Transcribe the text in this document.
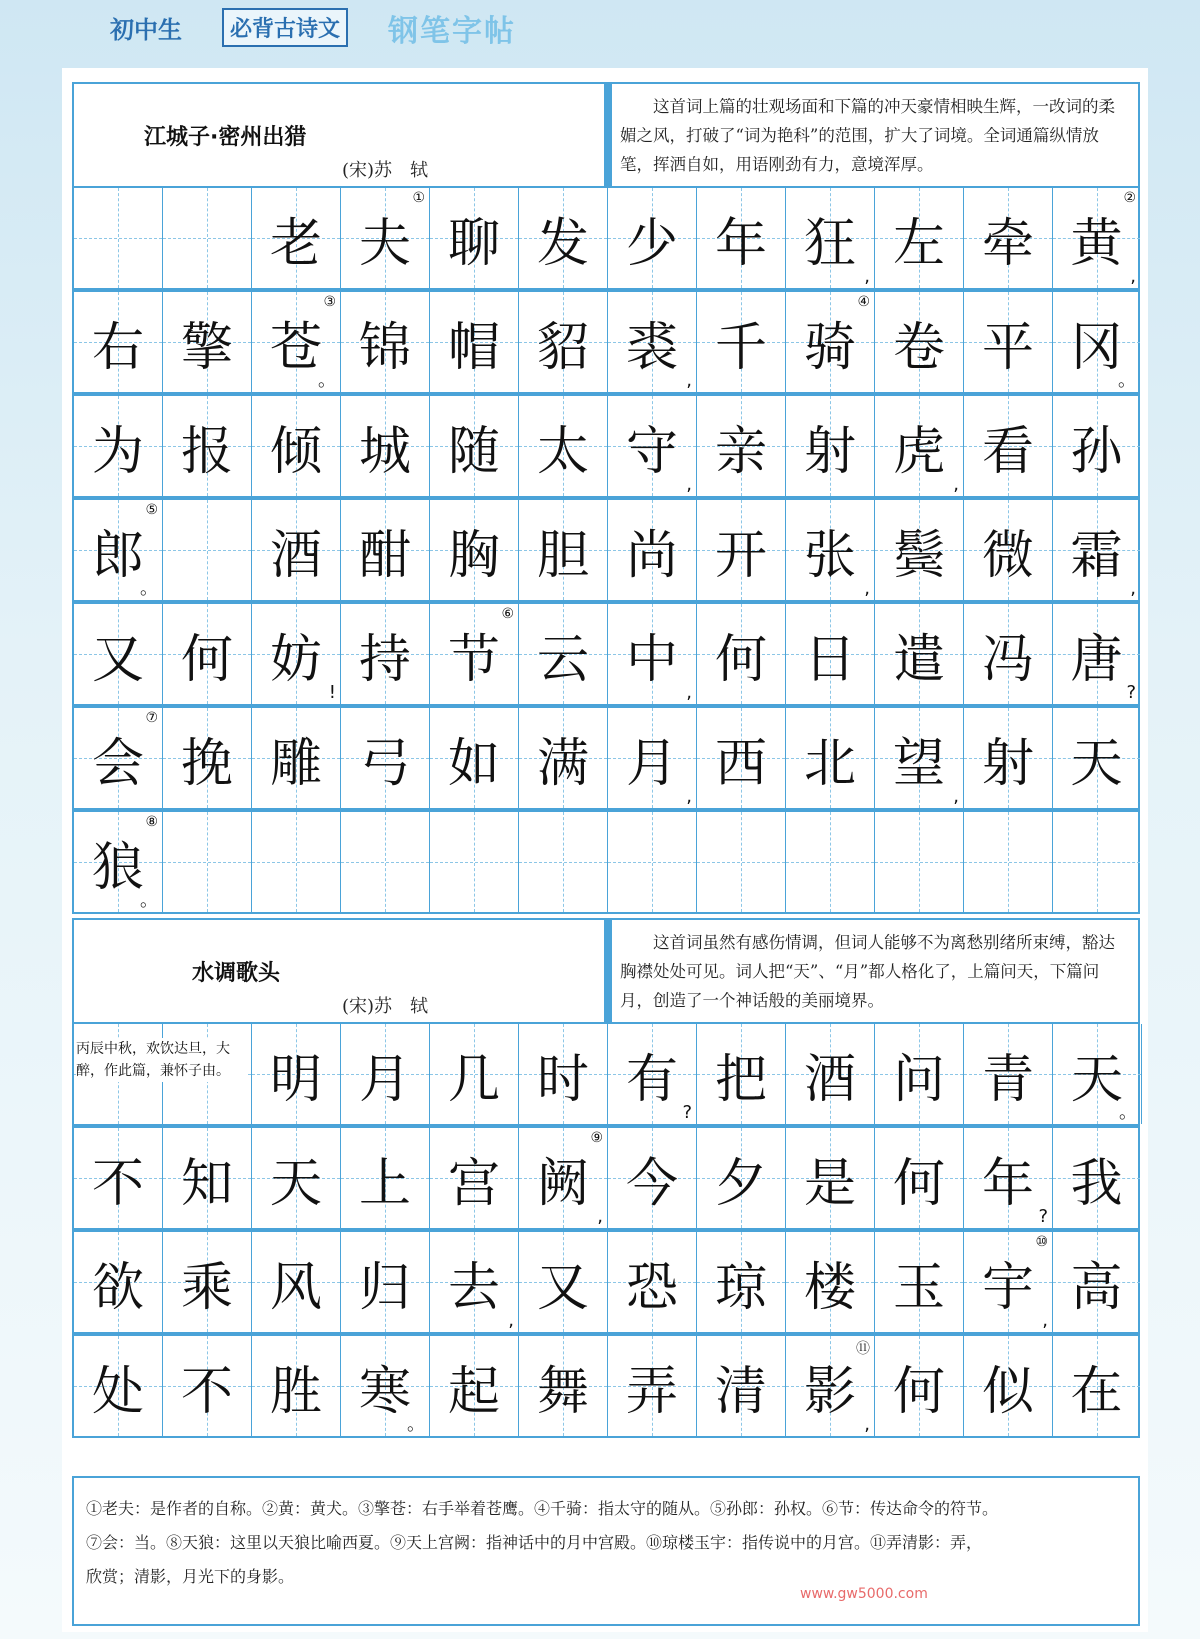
初中生	必背古诗文 钢笔字帖
江城子·密州出猎
(宋)苏　轼
这首词上篇的壮观场面和下篇的冲天豪情相映生辉，一改词的柔媚之风，打破了“词为艳科”的范围，扩大了词境。全词通篇纵情放笔，挥洒自如，用语刚劲有力，意境浑厚。
老 夫
①
聊 发 少 年 狂
,
左 牵 黄
②
,
右 擎 苍
③
。
锦 帽 貂 裘
,
千 骑
④
卷 平 冈
。
为 报 倾 城 随 太 守
,
亲 射 虎
,
看 孙
郎
⑤
。
酒 酣 胸 胆 尚 开 张
,
鬓 微 霜
,
又 何 妨
!
持 节
⑥
云 中
,
何 日 遣 冯 唐
?
会
⑦
挽 雕 弓 如 满 月
,
西 北 望
,
射 天
狼
⑧
。
水调歌头
(宋)苏　轼
这首词虽然有感伤情调，但词人能够不为离愁别绪所束缚，豁达胸襟处处可见。词人把“天”、“月”都人格化了，上篇问天，下篇问月，创造了一个神话般的美丽境界。
明 月 几 时 有
?
把 酒 问 青 天
。
丙辰中秋，欢饮达旦，大醉，作此篇，兼怀子由。
不 知 天 上 宫 阙
⑨
,
今 夕 是 何 年
?
我
欲 乘 风 归 去
,
又 恐 琼 楼 玉 宇
⑩
,
高
处 不 胜 寒
。
起 舞 弄 清 影
⑪
,
何 似 在

①老夫：是作者的自称。②黄：黄犬。③擎苍：右手举着苍鹰。④千骑：指太守的随从。⑤孙郎：孙权。⑥节：传达命令的符节。

⑦会：当。⑧天狼：这里以天狼比喻西夏。⑨天上宫阙：指神话中的月中宫殿。⑩琼楼玉宇：指传说中的月宫。⑪弄清影：弄，

欣赏；清影，月光下的身影。

www.gw5000.com
